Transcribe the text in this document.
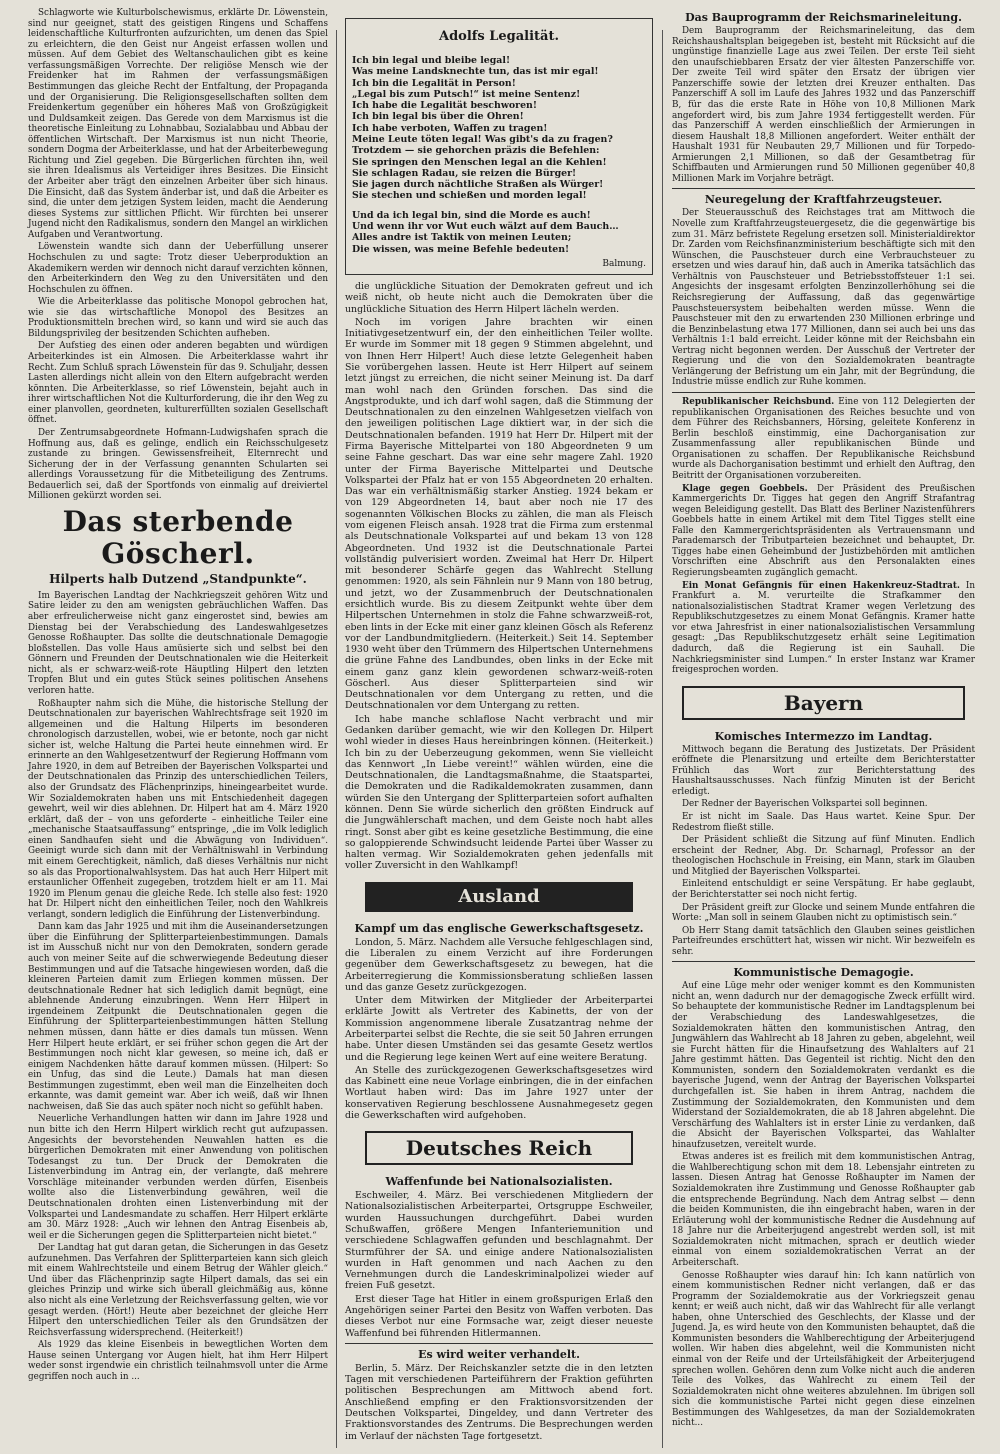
Schlagworte wie Kulturbolschewismus, erklärte Dr. Löwenstein, sind nur geeignet, statt des geistigen Ringens und Schaffens leidenschaftliche Kulturfronten aufzurichten, um denen das Spiel zu erleichtern, die den Geist nur Angeist erfassen wollen und müssen. Auf dem Gebiet des Weltanschaulichen gibt es keine verfassungsmäßigen Vorrechte. Der religiöse Mensch wie der Freidenker hat im Rahmen der verfassungsmäßigen Bestimmungen das gleiche Recht der Entfaltung, der Propaganda und der Organisierung. Die Religionsgesellschaften sollten dem Freidenkertum gegenüber ein höheres Maß von Großzügigkeit und Duldsamkeit zeigen. Das Gerede von dem Marxismus ist die theoretische Einleitung zu Lohnabbau, Sozialabbau und Abbau der öffentlichen Wirtschaft. Der Marxismus ist nun nicht Theorie, sondern Dogma der Arbeiterklasse, und hat der Arbeiterbewegung Richtung und Ziel gegeben. Die Bürgerlichen fürchten ihn, weil sie ihren Idealismus als Verteidiger ihres Besitzes. Die Einsicht der Arbeiter aber trägt den einzelnen Arbeiter über sich hinaus. Die Einsicht, daß das System änderbar ist, und daß die Arbeiter es sind, die unter dem jetzigen System leiden, macht die Aenderung dieses Systems zur sittlichen Pflicht. Wir fürchten bei unserer Jugend nicht den Radikalismus, sondern den Mangel an wirklichen Aufgaben und Verantwortung.

Löwenstein wandte sich dann der Ueberfüllung unserer Hochschulen zu und sagte: Trotz dieser Ueberproduktion an Akademikern werden wir dennoch nicht darauf verzichten können, den Arbeiterkindern den Weg zu den Universitäten und den Hochschulen zu öffnen.

Wie die Arbeiterklasse das politische Monopol gebrochen hat, wie sie das wirtschaftliche Monopol des Besitzes an Produktionsmitteln brechen wird, so kann und wird sie auch das Bildungsprivileg der besitzenden Schichten aufheben.

Der Aufstieg des einen oder anderen begabten und würdigen Arbeiterkindes ist ein Almosen. Die Arbeiterklasse wahrt ihr Recht. Zum Schluß sprach Löwenstein für das 9. Schuljahr, dessen Lasten allerdings nicht allein von den Eltern aufgebracht werden könnten. Die Arbeiterklasse, so rief Löwenstein, bejaht auch in ihrer wirtschaftlichen Not die Kulturforderung, die ihr den Weg zu einer planvollen, geordneten, kulturerfüllten sozialen Gesellschaft öffnet.

Der Zentrumsabgeordnete Hofmann-Ludwigshafen sprach die Hoffnung aus, daß es gelinge, endlich ein Reichsschulgesetz zustande zu bringen. Gewissensfreiheit, Elternrecht und Sicherung der in der Verfassung genannten Schularten sei allerdings Voraussetzung für die Mitbeteiligung des Zentrums. Bedauerlich sei, daß der Sportfonds von einmalig auf dreiviertel Millionen gekürzt worden sei.

Das sterbende Göscherl.
Hilperts halb Dutzend „Standpunkte“.

Im Bayerischen Landtag der Nachkriegszeit gehören Witz und Satire leider zu den am wenigsten gebräuchlichen Waffen. Das aber erfreulicherweise nicht ganz eingerostet sind, bewies am Dienstag bei der Verabschiedung des Landeswahlgesetzes Genosse Roßhaupter. Das sollte die deutschnationale Demagogie bloßstellen. Das volle Haus amüsierte sich und selbst bei den Gönnern und Freunden der Deutschnationalen wie die Heiterkeit nicht, als er schwarz-weiß-rote Häuptling Hilpert den letzten Tropfen Blut und ein gutes Stück seines politischen Ansehens verloren hatte.

Roßhaupter nahm sich die Mühe, die historische Stellung der Deutschnationalen zur bayerischen Wahlrechtsfrage seit 1920 im allgemeinen und die Haltung Hilperts im besonderen chronologisch darzustellen, wobei, wie er betonte, noch gar nicht sicher ist, welche Haltung die Partei heute einnehmen wird. Er erinnerte an den Wahlgesetzentwurf der Regierung Hoffmann vom Jahre 1920, in dem auf Betreiben der Bayerischen Volkspartei und der Deutschnationalen das Prinzip des unterschiedlichen Teilers, also der Grundsatz des Flächenprinzips, hineingearbeitet wurde. Wir Sozialdemokraten haben uns mit Entschiedenheit dagegen gewehrt, weil wir dies ablehnen. Dr. Hilpert hat am 4. März 1920 erklärt, daß der – von uns geforderte – einheitliche Teiler eine „mechanische Staatsauffassung“ entspringe, „die im Volk lediglich einen Sandhaufen sieht und die Abwägung von Individuen“. Geeinigt wurde sich dann mit der Verhältniswahl in Verbindung mit einem Gerechtigkeit, nämlich, daß dieses Verhältnis nur nicht so als das Proportionalwahlsystem. Das hat auch Herr Hilpert mit erstaunlicher Offenheit zugegeben, trotzdem hielt er am 11. Mai 1920 im Plenum genau die gleiche Rede. Ich stelle also fest: 1920 hat Dr. Hilpert nicht den einheitlichen Teiler, noch den Wahlkreis verlangt, sondern lediglich die Einführung der Listenverbindung.

Dann kam das Jahr 1925 und mit ihm die Auseinandersetzungen über die Einführung der Splitterparteienbestimmungen. Damals ist im Ausschuß nicht nur von den Demokraten, sondern gerade auch von meiner Seite auf die schwerwiegende Bedeutung dieser Bestimmungen und auf die Tatsache hingewiesen worden, daß die kleineren Parteien damit zum Erliegen kommen müssen. Der deutschnationale Redner hat sich lediglich damit begnügt, eine ablehnende Anderung einzubringen. Wenn Herr Hilpert in irgendeinem Zeitpunkt die Deutschnationalen gegen die Einführung der Splitterparteienbestimmungen hätten Stellung nehmen müssen, dann hätte er dies damals tun müssen. Wenn Herr Hilpert heute erklärt, er sei früher schon gegen die Art der Bestimmungen noch nicht klar gewesen, so meine ich, daß er einigem Nachdenken hätte darauf kommen müssen. (Hilpert: So ein Unfug, das sind die Leute.) Damals hat man diesen Bestimmungen zugestimmt, eben weil man die Einzelheiten doch erkannte, was damit gemeint war. Aber ich weiß, daß wir Ihnen nachweisen, daß Sie das auch später noch nicht so gefühlt haben.

Neuerliche Verhandlungen hatten wir dann im Jahre 1928 und nun bitte ich den Herrn Hilpert wirklich recht gut aufzupassen. Angesichts der bevorstehenden Neuwahlen hatten es die bürgerlichen Demokraten mit einer Anwendung von politischen Todesangst zu tun. Der Druck der Demokraten die Listenverbindung im Antrag ein, der verlangte, daß mehrere Vorschläge miteinander verbunden werden dürfen, Eisenbeis wollte also die Listenverbindung gewähren, weil die Deutschnationalen drohten einen Listenverbindung mit der Volkspartei und Landesmandate zu schaffen. Herr Hilpert erklärte am 30. März 1928: „Auch wir lehnen den Antrag Eisenbeis ab, weil er die Sicherungen gegen die Splitterparteien nicht bietet.“

Der Landtag hat gut daran getan, die Sicherungen in das Gesetz aufzunehmen. Das Verfahren der Splitterparteien kann sich gleich mit einem Wahlrechtsteile und einem Betrug der Wähler gleich.“ Und über das Flächenprinzip sagte Hilpert damals, das sei ein gleiches Prinzip und wirke sich überall gleichmäßig aus, könne also nicht als eine Verletzung der Reichsverfassung gelten, wie vor gesagt werden. (Hört!) Heute aber bezeichnet der gleiche Herr Hilpert den unterschiedlichen Teiler als den Grundsätzen der Reichsverfassung widersprechend. (Heiterkeit!)

Als 1929 das kleine Eisenbeis in bewegtlichen Worten dem Hause seinen Untergang vor Augen hielt, hat ihm Herr Hilpert weder sonst irgendwie ein christlich teilnahmsvoll unter die Arme gegriffen noch auch in ...

Adolfs Legalität.
Ich bin legal und bleibe legal!
Was meine Landsknechte tun, das ist mir egal!
Ich bin die Legalität in Person!
„Legal bis zum Putsch!“ ist meine Sentenz!
Ich habe die Legalität beschworen!
Ich bin legal bis über die Ohren!
Ich habe verboten, Waffen zu tragen!
Meine Leute töten legal! Was gibt's da zu fragen?
Trotzdem — sie gehorchen präzis die Befehlen:
Sie springen den Menschen legal an die Kehlen!
Sie schlagen Radau, sie reizen die Bürger!
Sie jagen durch nächtliche Straßen als Würger!
Sie stechen und schießen und morden legal!
Und da ich legal bin, sind die Morde es auch!
Und wenn ihr vor Wut euch wälzt auf dem Bauch…
Alles andre ist Taktik von meinen Leuten;
Die wissen, was meine Befehle bedeuten!
Balmung.

die unglückliche Situation der Demokraten gefreut und ich weiß nicht, ob heute nicht auch die Demokraten über die unglückliche Situation des Herrn Hilpert lächeln werden.

Noch im vorigen Jahre brachten wir einen Initiativgesetzentwurf ein, der den einheitlichen Teiler wollte. Er wurde im Sommer mit 18 gegen 9 Stimmen abgelehnt, und von Ihnen Herr Hilpert! Auch diese letzte Gelegenheit haben Sie vorübergehen lassen. Heute ist Herr Hilpert auf seinem letzt jüngst zu erreichen, die nicht seiner Meinung ist. Da darf man wohl nach den Gründen forschen. Das sind die Angstprodukte, und ich darf wohl sagen, daß die Stimmung der Deutschnationalen zu den einzelnen Wahlgesetzen vielfach von den jeweiligen politischen Lage diktiert war, in der sich die Deutschnationalen befanden. 1919 hat Herr Dr. Hilpert mit der Firma Bayerische Mittelpartei von 180 Abgeordneten 9 um seine Fahne geschart. Das war eine sehr magere Zahl. 1920 unter der Firma Bayerische Mittelpartei und Deutsche Volkspartei der Pfalz hat er von 155 Abgeordneten 20 erhalten. Das war ein verhältnismäßig starker Anstieg. 1924 bekam er von 129 Abgeordneten 14, baut aber noch nie 17 des sogenannten Völkischen Blocks zu zählen, die man als Fleisch vom eigenen Fleisch ansah. 1928 trat die Firma zum erstenmal als Deutschnationale Volkspartei auf und bekam 13 von 128 Abgeordneten. Und 1932 ist die Deutschnationale Partei vollständig pulverisiert worden. Zweimal hat Herr Dr. Hilpert mit besonderer Schärfe gegen das Wahlrecht Stellung genommen: 1920, als sein Fähnlein nur 9 Mann von 180 betrug, und jetzt, wo der Zusammenbruch der Deutschnationalen ersichtlich wurde. Bis zu diesem Zeitpunkt wehte über dem Hilpertschen Unternehmen in stolz die Fahne schwarzweiß-rot, eben lints in der Ecke mit einer ganz kleinen Gösch als Referenz vor der Landbundmitgliedern. (Heiterkeit.) Seit 14. September 1930 weht über den Trümmern des Hilpertschen Unternehmens die grüne Fahne des Landbundes, oben links in der Ecke mit einem ganz ganz klein gewordenen schwarz-weiß-roten Göscherl. Aus dieser Splitterparteien sind wir Deutschnationalen vor dem Untergang zu retten, und die Deutschnationalen vor dem Untergang zu retten.

Ich habe manche schlaflose Nacht verbracht und mir Gedanken darüber gemacht, wie wir den Kollegen Dr. Hilpert wohl wieder in dieses Haus hereinbringen können. (Heiterkeit.) Ich bin zu der Ueberzeugung gekommen, wenn Sie vielleicht das Kennwort „In Liebe vereint!“ wählen würden, eine die Deutschnationalen, die Landtagsmaßnahme, die Staatspartei, die Demokraten und die Radikaldemokraten zusammen, dann würden Sie den Untergang der Splitterparteien sofort aufhalten können. Denn Sie würde sicherlich den größten Eindruck auf die Jungwählerschaft machen, und dem Geiste noch habt alles ringt. Sonst aber gibt es keine gesetzliche Bestimmung, die eine so galoppierende Schwindsucht leidende Partei über Wasser zu halten vermag. Wir Sozialdemokraten gehen jedenfalls mit voller Zuversicht in den Wahlkampf!

Ausland
Kampf um das englische Gewerkschaftsgesetz.

London, 5. März. Nachdem alle Versuche fehlgeschlagen sind, die Liberalen zu einem Verzicht auf ihre Forderungen gegenüber dem Gewerkschaftsgesetz zu bewegen, hat die Arbeiterregierung die Kommissionsberatung schließen lassen und das ganze Gesetz zurückgezogen.

Unter dem Mitwirken der Mitglieder der Arbeiterpartei erklärte Jowitt als Vertreter des Kabinetts, der von der Kommission angenommene liberale Zusatzantrag nehme der Arbeiterpartei selbst die Rechte, die sie seit 50 Jahren errungen habe. Unter diesen Umständen sei das gesamte Gesetz wertlos und die Regierung lege keinen Wert auf eine weitere Beratung.

An Stelle des zurückgezogenen Gewerkschaftsgesetzes wird das Kabinett eine neue Vorlage einbringen, die in der einfachen Wortlaut haben wird: Das im Jahre 1927 unter der konservativen Regierung beschlossene Ausnahmegesetz gegen die Gewerkschaften wird aufgehoben.

Deutsches Reich
Waffenfunde bei Nationalsozialisten.

Eschweiler, 4. März. Bei verschiedenen Mitgliedern der Nationalsozialistischen Arbeiterpartei, Ortsgruppe Eschweiler, wurden Haussuchungen durchgeführt. Dabei wurden Schußwaffen, größere Mengen Infanteriemunition und verschiedene Schlagwaffen gefunden und beschlagnahmt. Der Sturmführer der SA. und einige andere Nationalsozialisten wurden in Haft genommen und nach Aachen zu den Vernehmungen durch die Landeskriminalpolizei wieder auf freien Fuß gesetzt.

Erst dieser Tage hat Hitler in einem großspurigen Erlaß den Angehörigen seiner Partei den Besitz von Waffen verboten. Das dieses Verbot nur eine Formsache war, zeigt dieser neueste Waffenfund bei führenden Hitlermannen.

Es wird weiter verhandelt.

Berlin, 5. März. Der Reichskanzler setzte die in den letzten Tagen mit verschiedenen Parteiführern der Fraktion geführten politischen Besprechungen am Mittwoch abend fort. Anschließend empfing er den Fraktionsvorsitzenden der Deutschen Volkspartei, Dingeldey, und dann Vertreter des Fraktionsvorstandes des Zentrums. Die Besprechungen werden im Verlauf der nächsten Tage fortgesetzt.

Das Bauprogramm der Reichsmarineleitung.

Dem Bauprogramm der Reichsmarineleitung, das dem Reichshaushaltsplan beigegeben ist, besteht mit Rücksicht auf die ungünstige finanzielle Lage aus zwei Teilen. Der erste Teil sieht den unaufschiebbaren Ersatz der vier ältesten Panzerschiffe vor. Der zweite Teil wird später den Ersatz der übrigen vier Panzerschiffe sowie der letzten drei Kreuzer enthalten. Das Panzerschiff A soll im Laufe des Jahres 1932 und das Panzerschiff B, für das die erste Rate in Höhe von 10,8 Millionen Mark angefordert wird, bis zum Jahre 1934 fertiggestellt werden. Für das Panzerschiff A werden einschließlich der Armierungen in diesem Haushalt 18,8 Millionen angefordert. Weiter enthält der Haushalt 1931 für Neubauten 29,7 Millionen und für Torpedo-Armierungen 2,1 Millionen, so daß der Gesamtbetrag für Schiffbauten und Armierungen rund 50 Millionen gegenüber 40,8 Millionen Mark im Vorjahre beträgt.

Neuregelung der Kraftfahrzeugsteuer.

Der Steuerausschuß des Reichstages trat am Mittwoch die Novelle zum Kraftfahrzeugsteuergesetz, die die gegenwärtige bis zum 31. März befristete Regelung ersetzen soll. Ministerialdirektor Dr. Zarden vom Reichsfinanzministerium beschäftigte sich mit den Wünschen, die Pauschsteuer durch eine Verbrauchsteuer zu ersetzen und wies darauf hin, daß auch in Amerika tatsächlich das Verhältnis von Pauschsteuer und Betriebsstoffsteuer 1:1 sei. Angesichts der insgesamt erfolgten Benzinzollerhöhung sei die Reichsregierung der Auffassung, daß das gegenwärtige Pauschsteuersystem beibehalten werden müsse. Wenn die Pauschsteuer mit den zu erwartenden 230 Millionen erbringe und die Benzinbelastung etwa 177 Millionen, dann sei auch bei uns das Verhältnis 1:1 bald erreicht. Leider könne mit der Reichsbahn ein Vertrag nicht begonnen werden. Der Ausschuß der Vertreter der Regierung und die von den Sozialdemokraten beantragte Verlängerung der Befristung um ein Jahr, mit der Begründung, die Industrie müsse endlich zur Ruhe kommen.

Republikanischer Reichsbund. Eine von 112 Delegierten der republikanischen Organisationen des Reiches besuchte und von dem Führer des Reichsbanners, Hörsing, geleitete Konferenz in Berlin beschloß einstimmig, eine Dachorganisation zur Zusammenfassung aller republikanischen Bünde und Organisationen zu schaffen. Der Republikanische Reichsbund wurde als Dachorganisation bestimmt und erhielt den Auftrag, den Beitritt der Organisationen vorzubereiten.

Klage gegen Goebbels. Der Präsident des Preußischen Kammergerichts Dr. Tigges hat gegen den Angriff Strafantrag wegen Beleidigung gestellt. Das Blatt des Berliner Nazistenführers Goebbels hatte in einem Artikel mit dem Titel Tigges stellt eine Falle den Kammergerichtspräsidenten als Vertrauensmann und Parademarsch der Tributparteien bezeichnet und behauptet, Dr. Tigges habe einen Geheimbund der Justizbehörden mit amtlichen Vorschriften eine Abschrift aus den Personalakten eines Regierungsbeamten zugänglich gemacht.

Ein Monat Gefängnis für einen Hakenkreuz-Stadtrat. In Frankfurt a. M. verurteilte die Strafkammer den nationalsozialistischen Stadtrat Kramer wegen Verletzung des Republikschutzgesetzes zu einem Monat Gefängnis. Kramer hatte vor etwa Jahresfrist in einer nationalsozialistischen Versammlung gesagt: „Das Republikschutzgesetz erhält seine Legitimation dadurch, daß die Regierung ist ein Sauhall. Die Nachkriegsminister sind Lumpen.“ In erster Instanz war Kramer freigesprochen worden.

Bayern
Komisches Intermezzo im Landtag.

Mittwoch begann die Beratung des Justizetats. Der Präsident eröffnete die Plenarsitzung und erteilte dem Berichterstatter Frühlich das Wort zur Berichterstattung des Haushaltsausschusses. Nach fünfzig Minuten ist der Bericht erledigt.

Der Redner der Bayerischen Volkspartei soll beginnen.

Er ist nicht im Saale. Das Haus wartet. Keine Spur. Der Redestrom fließt stille.

Der Präsident schließt die Sitzung auf fünf Minuten. Endlich erscheint der Redner, Abg. Dr. Scharnagl, Professor an der theologischen Hochschule in Freising, ein Mann, stark im Glauben und Mitglied der Bayerischen Volkspartei.

Einleitend entschuldigt er seine Verspätung. Er habe geglaubt, der Berichterstatter sei noch nicht fertig.

Der Präsident greift zur Glocke und seinem Munde entfahren die Worte: „Man soll in seinem Glauben nicht zu optimistisch sein.“

Ob Herr Stang damit tatsächlich den Glauben seines geistlichen Parteifreundes erschüttert hat, wissen wir nicht. Wir bezweifeln es sehr.

Kommunistische Demagogie.

Auf eine Lüge mehr oder weniger kommt es den Kommunisten nicht an, wenn dadurch nur der demagogische Zweck erfüllt wird. So behauptete der kommunistische Redner im Landtagsplenum bei der Verabschiedung des Landeswahlgesetzes, die Sozialdemokraten hätten den kommunistischen Antrag, den Jungwählern das Wahlrecht ab 18 Jahren zu geben, abgelehnt, weil sie Furcht hätten für die Hinaufsetzung des Wahlalters auf 21 Jahre gestimmt hätten. Das Gegenteil ist richtig. Nicht den den Kommunisten, sondern den Sozialdemokraten verdankt es die bayerische Jugend, wenn der Antrag der Bayerischen Volkspartei durchgefallen ist. Sie haben in ihrem Antrag, nachdem die Zustimmung der Sozialdemokraten, den Kommunisten und dem Widerstand der Sozialdemokraten, die ab 18 Jahren abgelehnt. Die Verschärfung des Wahlalters ist in erster Linie zu verdanken, daß die Absicht der Bayerischen Volkspartei, das Wahlalter hinaufzusetzen, vereitelt wurde.

Etwas anderes ist es freilich mit dem kommunistischen Antrag, die Wahlberechtigung schon mit dem 18. Lebensjahr eintreten zu lassen. Diesen Antrag hat Genosse Roßhaupter im Namen der Sozialdemokraten ihre Zustimmung und Genosse Roßhaupter gab die entsprechende Begründung. Nach dem Antrag selbst — denn die beiden Kommunisten, die ihn eingebracht haben, waren in der Erläuterung wohl der kommunistische Redner die Ausdehnung auf 18 Jahre nur die Arbeiterjugend angestrebt werden soll, ist mit Sozialdemokraten nicht mitmachen, sprach er deutlich wieder einmal von einem sozialdemokratischen Verrat an der Arbeiterschaft.

Genosse Roßhaupter wies darauf hin: Ich kann natürlich von einem kommunistischen Redner nicht verlangen, daß er das Programm der Sozialdemokratie aus der Vorkriegszeit genau kennt; er weiß auch nicht, daß wir das Wahlrecht für alle verlangt haben, ohne Unterschied des Geschlechts, der Klasse und der Jugend. Ja, es wird heute von den Kommunisten behauptet, daß die Kommunisten besonders die Wahlberechtigung der Arbeiterjugend wollen. Wir haben dies abgelehnt, weil die Kommunisten nicht einmal von der Reife und der Urteilsfähigkeit der Arbeiterjugend sprechen wollen. Gehören denn zum Volke nicht auch die anderen Teile des Volkes, das Wahlrecht zu einem Teil der Sozialdemokraten nicht ohne weiteres abzulehnen. Im übrigen soll sich die kommunistische Partei nicht gegen diese einzelnen Bestimmungen des Wahlgesetzes, da man der Sozialdemokraten nicht...
